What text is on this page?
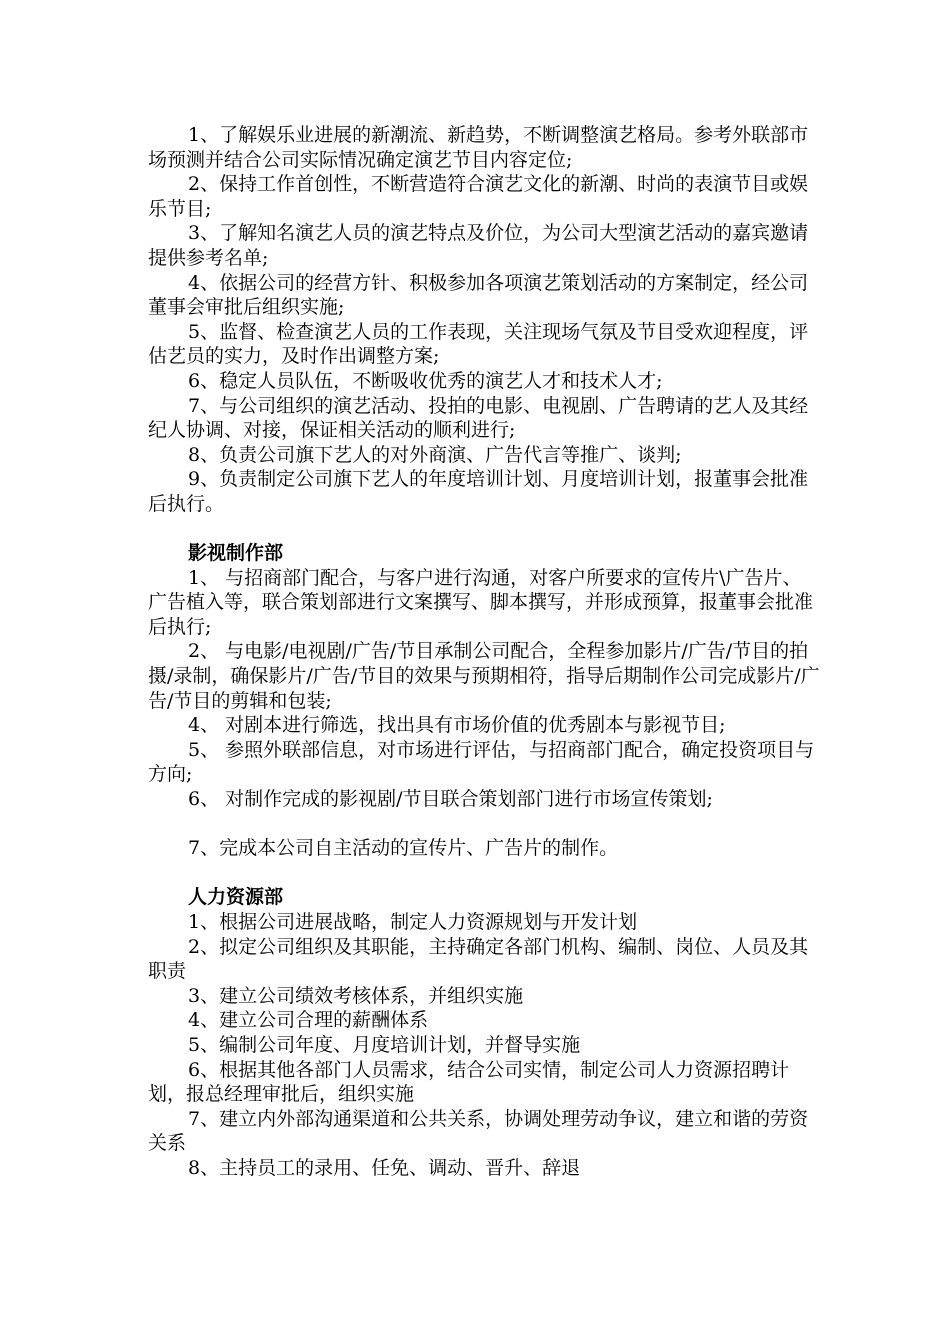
1、了解娱乐业进展的新潮流、新趋势，不断调整演艺格局。参考外联部市场预测并结合公司实际情况确定演艺节目内容定位;

2、保持工作首创性，不断营造符合演艺文化的新潮、时尚的表演节目或娱乐节目;

3、了解知名演艺人员的演艺特点及价位，为公司大型演艺活动的嘉宾邀请提供参考名单;

4、依据公司的经营方针、积极参加各项演艺策划活动的方案制定，经公司董事会审批后组织实施;

5、监督、检查演艺人员的工作表现，关注现场气氛及节目受欢迎程度，评估艺员的实力，及时作出调整方案;

6、稳定人员队伍，不断吸收优秀的演艺人才和技术人才;

7、与公司组织的演艺活动、投拍的电影、电视剧、广告聘请的艺人及其经纪人协调、对接，保证相关活动的顺利进行;

8、负责公司旗下艺人的对外商演、广告代言等推广、谈判;

9、负责制定公司旗下艺人的年度培训计划、月度培训计划，报董事会批准后执行。

影视制作部

1、 与招商部门配合，与客户进行沟通，对客户所要求的宣传片\广告片、广告植入等，联合策划部进行文案撰写、脚本撰写，并形成预算，报董事会批准后执行;

2、 与电影/电视剧/广告/节目承制公司配合，全程参加影片/广告/节目的拍摄/录制，确保影片/广告/节目的效果与预期相符，指导后期制作公司完成影片/广告/节目的剪辑和包装;

4、 对剧本进行筛选，找出具有市场价值的优秀剧本与影视节目;

5、 参照外联部信息，对市场进行评估，与招商部门配合，确定投资项目与方向;

6、 对制作完成的影视剧/节目联合策划部门进行市场宣传策划;

7、完成本公司自主活动的宣传片、广告片的制作。

人力资源部

1、根据公司进展战略，制定人力资源规划与开发计划

2、拟定公司组织及其职能，主持确定各部门机构、编制、岗位、人员及其职责

3、建立公司绩效考核体系，并组织实施

4、建立公司合理的薪酬体系

5、编制公司年度、月度培训计划，并督导实施

6、根据其他各部门人员需求，结合公司实情，制定公司人力资源招聘计划，报总经理审批后，组织实施

7、建立内外部沟通渠道和公共关系，协调处理劳动争议，建立和谐的劳资关系

8、主持员工的录用、任免、调动、晋升、辞退
